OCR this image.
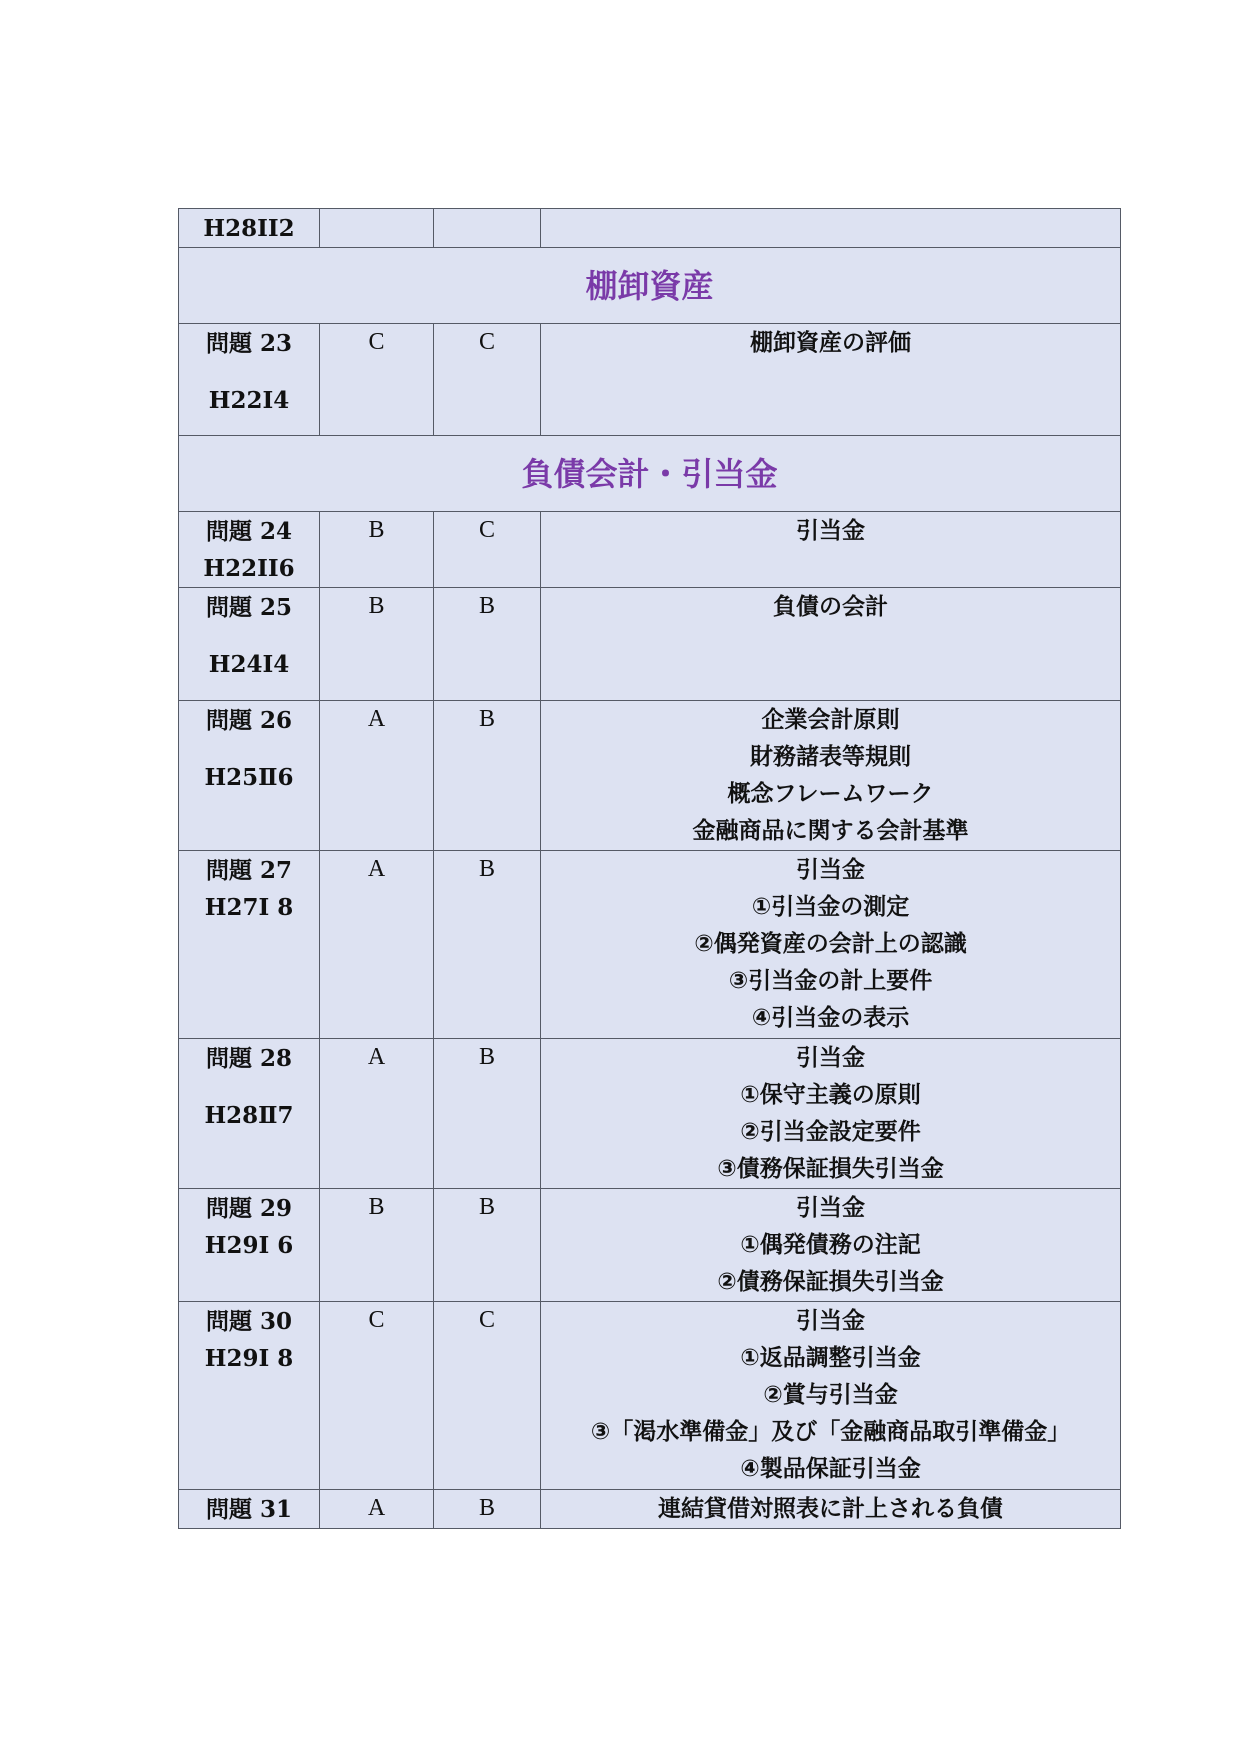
H28II2			

棚卸資産			

問題 23
H22Ⅰ4	C	C	棚卸資産の評価

負債会計・引当金			

問題 24
H22II6	B	C	引当金

問題 25
H24Ⅰ4	B	B	負債の会計

問題 26
H25Ⅱ6	A	B	企業会計原則
財務諸表等規則
概念フレームワーク
金融商品に関する会計基準

問題 27
H27I 8	A	B	引当金
①引当金の測定
②偶発資産の会計上の認識
③引当金の計上要件
④引当金の表示

問題 28
H28Ⅱ7	A	B	引当金
①保守主義の原則
②引当金設定要件
③債務保証損失引当金

問題 29
H29I 6	B	B	引当金
①偶発債務の注記
②債務保証損失引当金

問題 30
H29I 8	C	C	引当金
①返品調整引当金
②賞与引当金
③「渇水準備金」及び「金融商品取引準備金」
④製品保証引当金

問題 31	A	B	連結貸借対照表に計上される負債
